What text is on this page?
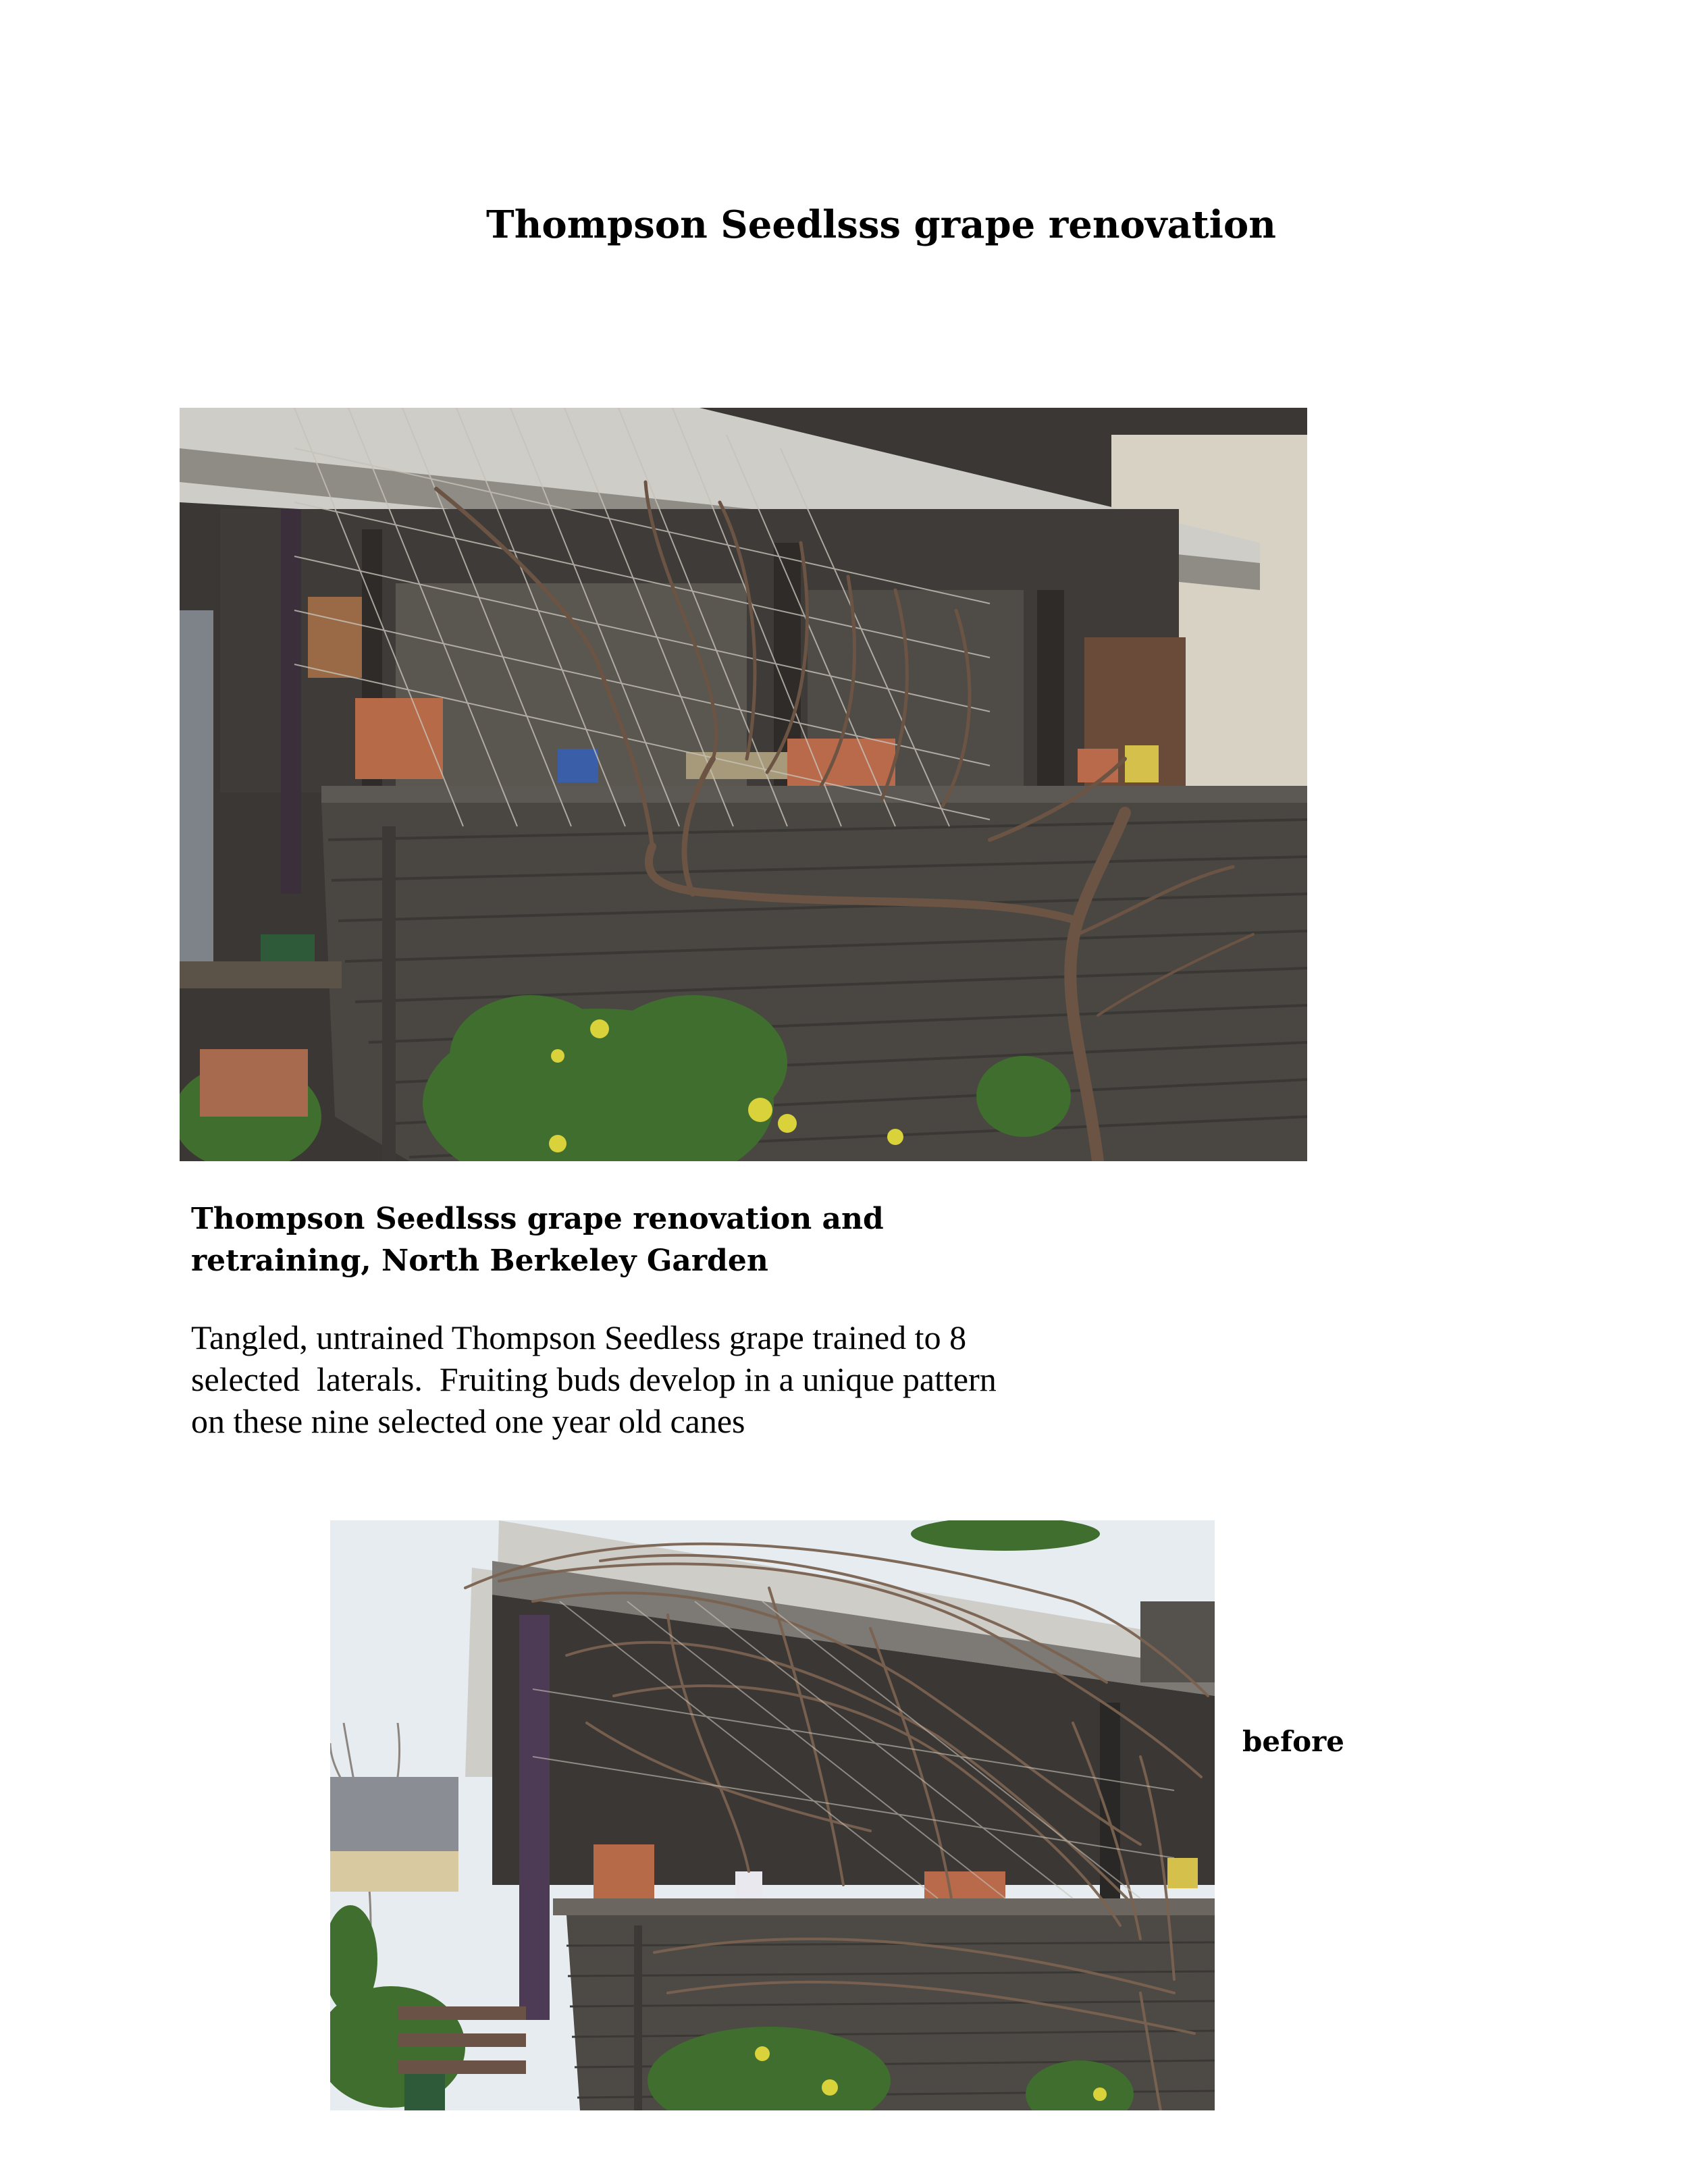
Thompson Seedlsss grape renovation
Thompson Seedlsss grape renovation and
retraining, North Berkeley Garden

Tangled, untrained Thompson Seedless grape trained to 8
selected  laterals.  Fruiting buds develop in a unique pattern
on these nine selected one year old canes

before
